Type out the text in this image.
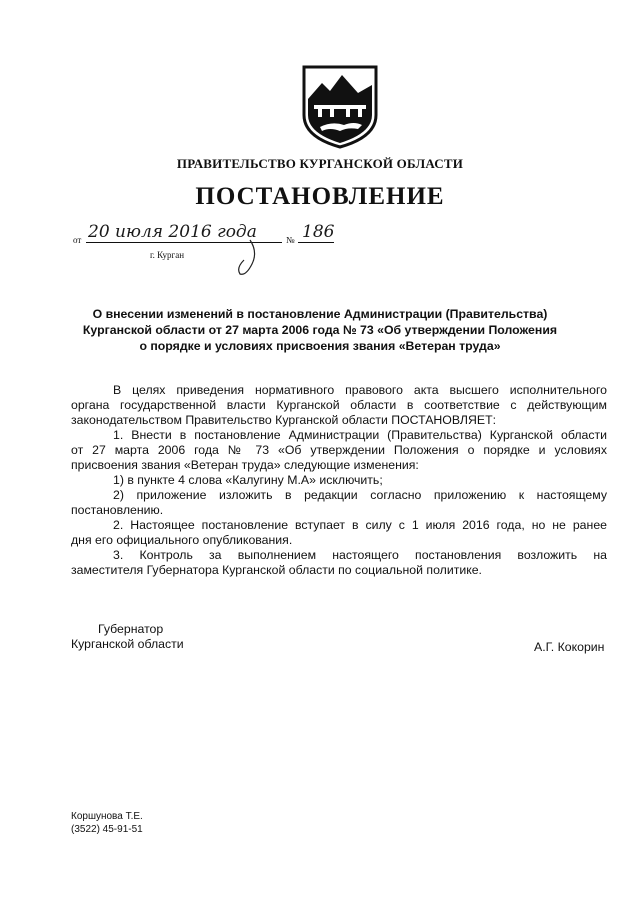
ПРАВИТЕЛЬСТВО КУРГАНСКОЙ ОБЛАСТИ
ПОСТАНОВЛЕНИЕ
от 20 июля 2016 года	№ 186
г. Курган
О внесении изменений в постановление Администрации (Правительства)
Курганской области от 27 марта 2006 года № 73 «Об утверждении Положения
о порядке и условиях присвоения звания «Ветеран труда»
В целях приведения нормативного правового акта высшего исполнительного
органа государственной власти Курганской области в соответствие с действующим
законодательством Правительство Курганской области ПОСТАНОВЛЯЕТ:
1. Внести в постановление Администрации (Правительства) Курганской области
от 27 марта 2006 года № 73 «Об утверждении Положения о порядке и условиях
присвоения звания «Ветеран труда» следующие изменения:
1) в пункте 4 слова «Калугину М.А» исключить;
2) приложение изложить в редакции согласно приложению к настоящему
постановлению.
2. Настоящее постановление вступает в силу с 1 июля 2016 года, но не ранее
дня его официального опубликования.
3. Контроль за выполнением настоящего постановления возложить на
заместителя Губернатора Курганской области по социальной политике.
Губернатор
Курганской области	А.Г. Кокорин
Коршунова Т.Е.
(3522) 45-91-51
